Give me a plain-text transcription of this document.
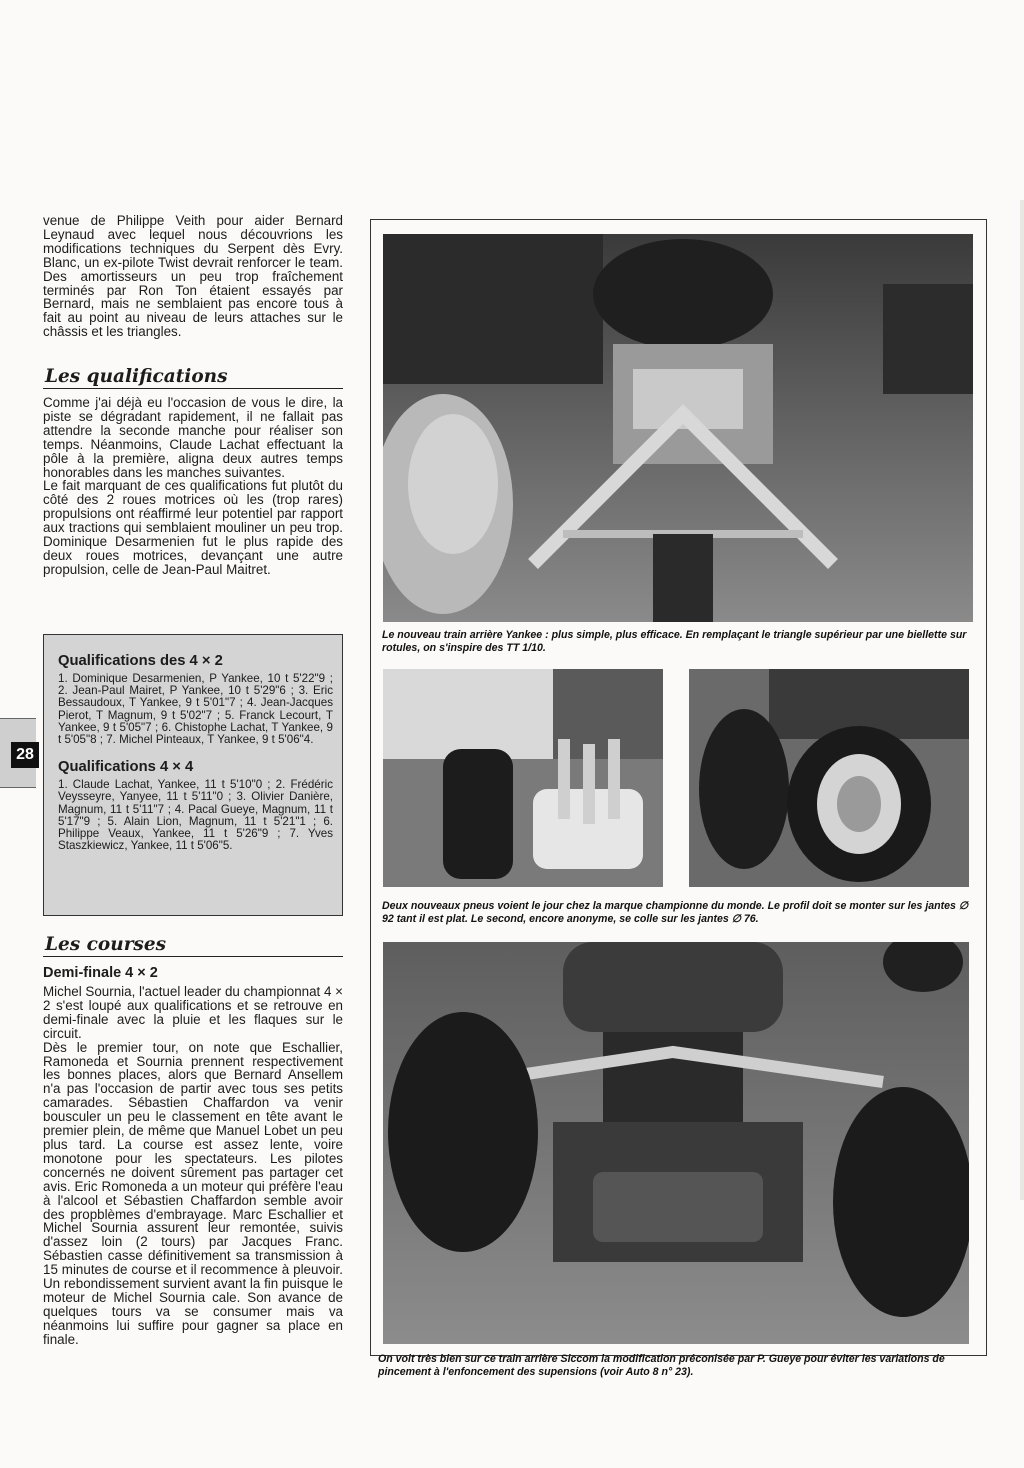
28

venue de Philippe Veith pour aider Bernard Leynaud avec lequel nous découvrions les modifications techniques du Serpent dès Evry. Blanc, un ex-pilote Twist devrait renforcer le team. Des amortisseurs un peu trop fraîchement terminés par Ron Ton étaient essayés par Bernard, mais ne semblaient pas encore tous à fait au point au niveau de leurs attaches sur le châssis et les triangles.

Les qualifications

Comme j'ai déjà eu l'occasion de vous le dire, la piste se dégradant rapidement, il ne fallait pas attendre la seconde manche pour réaliser son temps. Néanmoins, Claude Lachat effectuant la pôle à la première, aligna deux autres temps honorables dans les manches suivantes.

Le fait marquant de ces qualifications fut plutôt du côté des 2 roues motrices où les (trop rares) propulsions ont réaffirmé leur potentiel par rapport aux tractions qui semblaient mouliner un peu trop. Dominique Desarmenien fut le plus rapide des deux roues motrices, devançant une autre propulsion, celle de Jean-Paul Maitret.

Qualifications des 4 × 2

1. Dominique Desarmenien, P Yankee, 10 t 5'22"9 ; 2. Jean-Paul Mairet, P Yankee, 10 t 5'29"6 ; 3. Eric Bessaudoux, T Yankee, 9 t 5'01"7 ; 4. Jean-Jacques Pierot, T Magnum, 9 t 5'02"7 ; 5. Franck Lecourt, T Yankee, 9 t 5'05"7 ; 6. Chistophe Lachat, T Yankee, 9 t 5'05"8 ; 7. Michel Pinteaux, T Yankee, 9 t 5'06"4.

Qualifications 4 × 4

1. Claude Lachat, Yankee, 11 t 5'10"0 ; 2. Frédéric Veysseyre, Yanyee, 11 t 5'11"0 ; 3. Olivier Danière, Magnum, 11 t 5'11"7 ; 4. Pacal Gueye, Magnum, 11 t 5'17"9 ; 5. Alain Lion, Magnum, 11 t 5'21"1 ; 6. Philippe Veaux, Yankee, 11 t 5'26"9 ; 7. Yves Staszkiewicz, Yankee, 11 t 5'06"5.

Les courses
Demi-finale 4 × 2

Michel Sournia, l'actuel leader du championnat 4 × 2 s'est loupé aux qualifications et se retrouve en demi-finale avec la pluie et les flaques sur le circuit.

Dès le premier tour, on note que Eschallier, Ramoneda et Sournia prennent respectivement les bonnes places, alors que Bernard Ansellem n'a pas l'occasion de partir avec tous ses petits camarades. Sébastien Chaffardon va venir bousculer un peu le classement en tête avant le premier plein, de même que Manuel Lobet un peu plus tard. La course est assez lente, voire monotone pour les spectateurs. Les pilotes concernés ne doivent sûrement pas partager cet avis. Eric Romoneda a un moteur qui préfère l'eau à l'alcool et Sébastien Chaffardon semble avoir des propblèmes d'embrayage. Marc Eschallier et Michel Sournia assurent leur remontée, suivis d'assez loin (2 tours) par Jacques Franc. Sébastien casse définitivement sa transmission à 15 minutes de course et il recommence à pleuvoir. Un rebondissement survient avant la fin puisque le moteur de Michel Sournia cale. Son avance de quelques tours va se consumer mais va néanmoins lui suffire pour gagner sa place en finale.

Le nouveau train arrière Yankee : plus simple, plus efficace. En remplaçant le triangle supérieur par une biellette sur rotules, on s'inspire des TT 1/10.

Deux nouveaux pneus voient le jour chez la marque championne du monde. Le profil doit se monter sur les jantes ∅ 92 tant il est plat. Le second, encore anonyme, se colle sur les jantes ∅ 76.

On voit très bien sur ce train arrière Siccom la modification préconisée par P. Gueye pour éviter les variations de pincement à l'enfoncement des supensions (voir Auto 8 n° 23).
